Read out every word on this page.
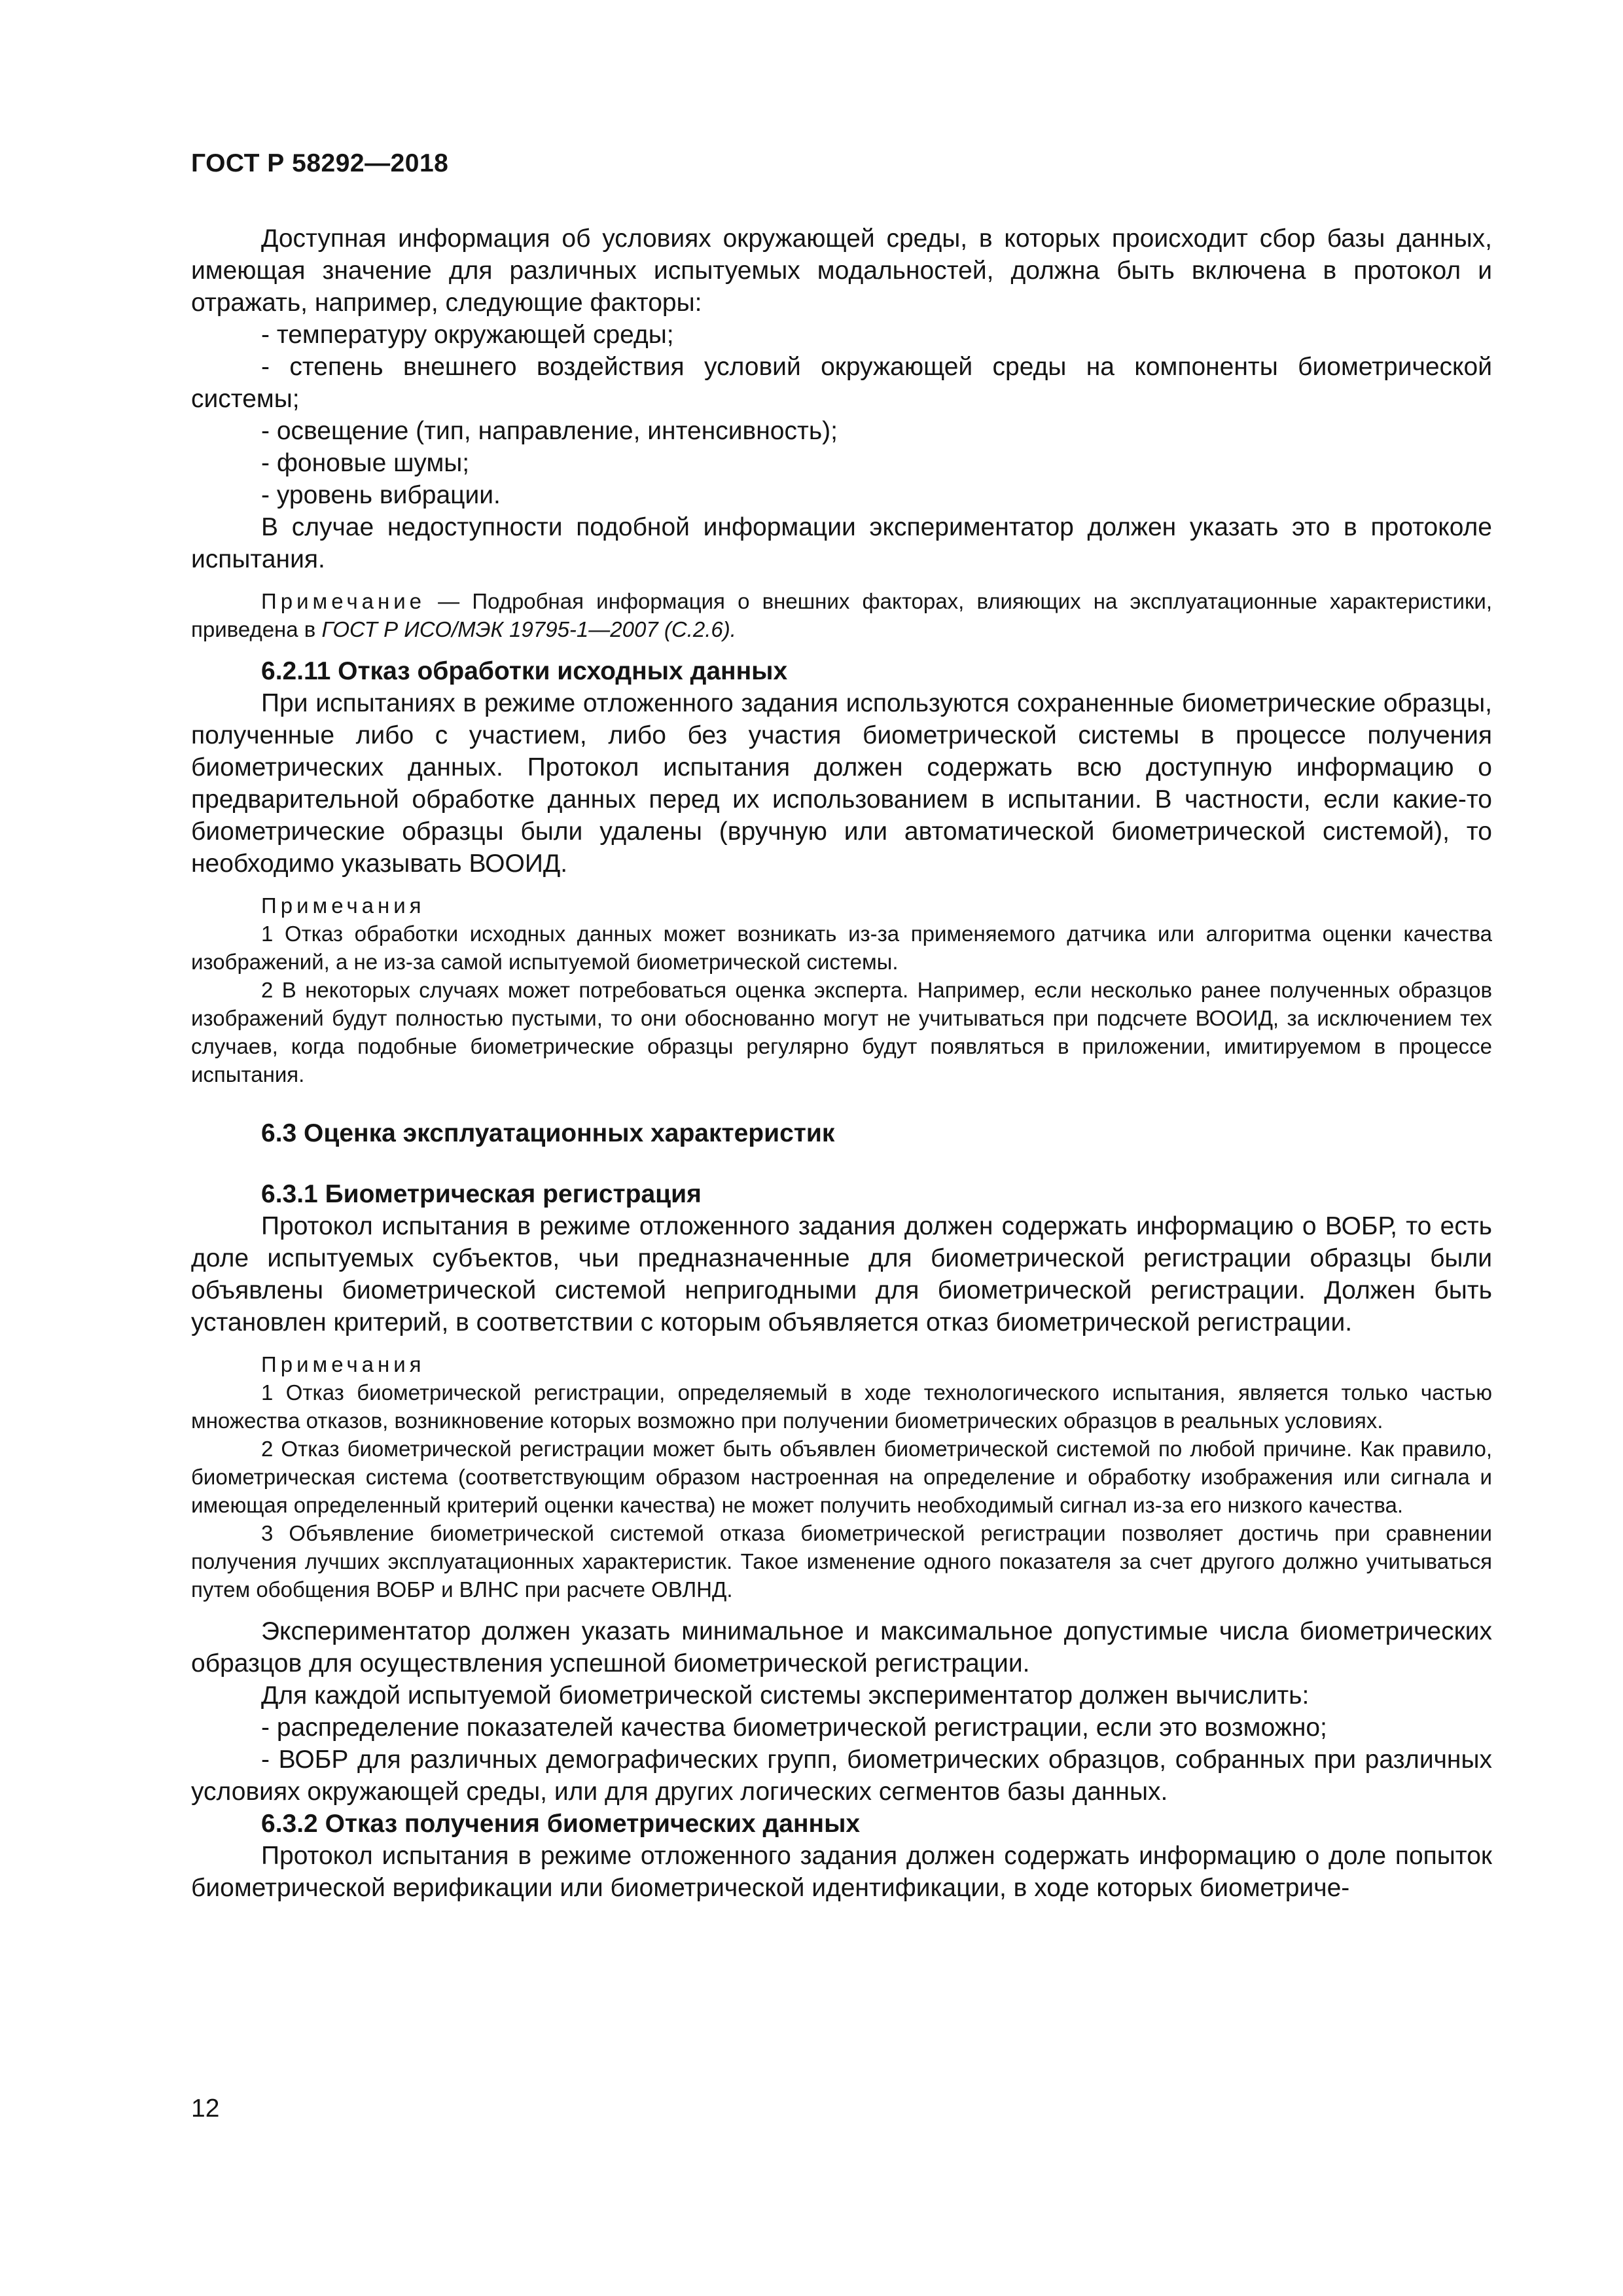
ГОСТ Р 58292—2018

Доступная информация об условиях окружающей среды, в которых происходит сбор базы данных, имеющая значение для различных испытуемых модальностей, должна быть включена в протокол и отражать, например, следующие факторы:

- температуру окружающей среды;

- степень внешнего воздействия условий окружающей среды на компоненты биометрической системы;

- освещение (тип, направление, интенсивность);

- фоновые шумы;

- уровень вибрации.

В случае недоступности подобной информации экспериментатор должен указать это в протоколе испытания.

Примечание — Подробная информация о внешних факторах, влияющих на эксплуатационные характеристики, приведена в ГОСТ Р ИСО/МЭК 19795-1—2007 (С.2.6).

6.2.11 Отказ обработки исходных данных

При испытаниях в режиме отложенного задания используются сохраненные биометрические образцы, полученные либо с участием, либо без участия биометрической системы в процессе получения биометрических данных. Протокол испытания должен содержать всю доступную информацию о предварительной обработке данных перед их использованием в испытании. В частности, если какие-то биометрические образцы были удалены (вручную или автоматической биометрической системой), то необходимо указывать ВООИД.

Примечания

1 Отказ обработки исходных данных может возникать из-за применяемого датчика или алгоритма оценки качества изображений, а не из-за самой испытуемой биометрической системы.

2 В некоторых случаях может потребоваться оценка эксперта. Например, если несколько ранее полученных образцов изображений будут полностью пустыми, то они обоснованно могут не учитываться при подсчете ВООИД, за исключением тех случаев, когда подобные биометрические образцы регулярно будут появляться в приложении, имитируемом в процессе испытания.

6.3 Оценка эксплуатационных характеристик

6.3.1 Биометрическая регистрация

Протокол испытания в режиме отложенного задания должен содержать информацию о ВОБР, то есть доле испытуемых субъектов, чьи предназначенные для биометрической регистрации образцы были объявлены биометрической системой непригодными для биометрической регистрации. Должен быть установлен критерий, в соответствии с которым объявляется отказ биометрической регистрации.

Примечания

1 Отказ биометрической регистрации, определяемый в ходе технологического испытания, является только частью множества отказов, возникновение которых возможно при получении биометрических образцов в реальных условиях.

2 Отказ биометрической регистрации может быть объявлен биометрической системой по любой причине. Как правило, биометрическая система (соответствующим образом настроенная на определение и обработку изображения или сигнала и имеющая определенный критерий оценки качества) не может получить необходимый сигнал из-за его низкого качества.

3 Объявление биометрической системой отказа биометрической регистрации позволяет достичь при сравнении получения лучших эксплуатационных характеристик. Такое изменение одного показателя за счет другого должно учитываться путем обобщения ВОБР и ВЛНС при расчете ОВЛНД.

Экспериментатор должен указать минимальное и максимальное допустимые числа биометрических образцов для осуществления успешной биометрической регистрации.

Для каждой испытуемой биометрической системы экспериментатор должен вычислить:

- распределение показателей качества биометрической регистрации, если это возможно;

- ВОБР для различных демографических групп, биометрических образцов, собранных при различных условиях окружающей среды, или для других логических сегментов базы данных.

6.3.2 Отказ получения биометрических данных

Протокол испытания в режиме отложенного задания должен содержать информацию о доле попыток биометрической верификации или биометрической идентификации, в ходе которых биометриче-

12
